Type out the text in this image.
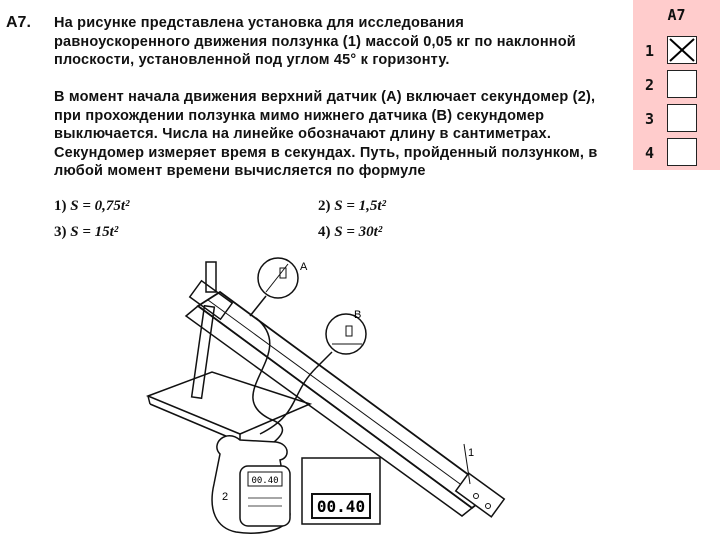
А7. На рисунке представлена установка для исследования равноускоренного движения ползунка (1) массой 0,05 кг по наклонной плоскости, установленной под углом 45° к горизонту.
В момент начала движения верхний датчик (А) включает секундомер (2), при прохождении ползунка мимо нижнего датчика (В) секундомер выключается. Числа на линейке обозначают длину в сантиметрах. Секундомер измеряет время в секундах. Путь, пройденный ползунком, в любой момент времени вычисляется по формуле
1) S = 0,75t²	2) S = 1,5t²
3) S = 15t²	4) S = 30t²
А7
1
2
3
4
А
В
1
00.40
2	00.40
